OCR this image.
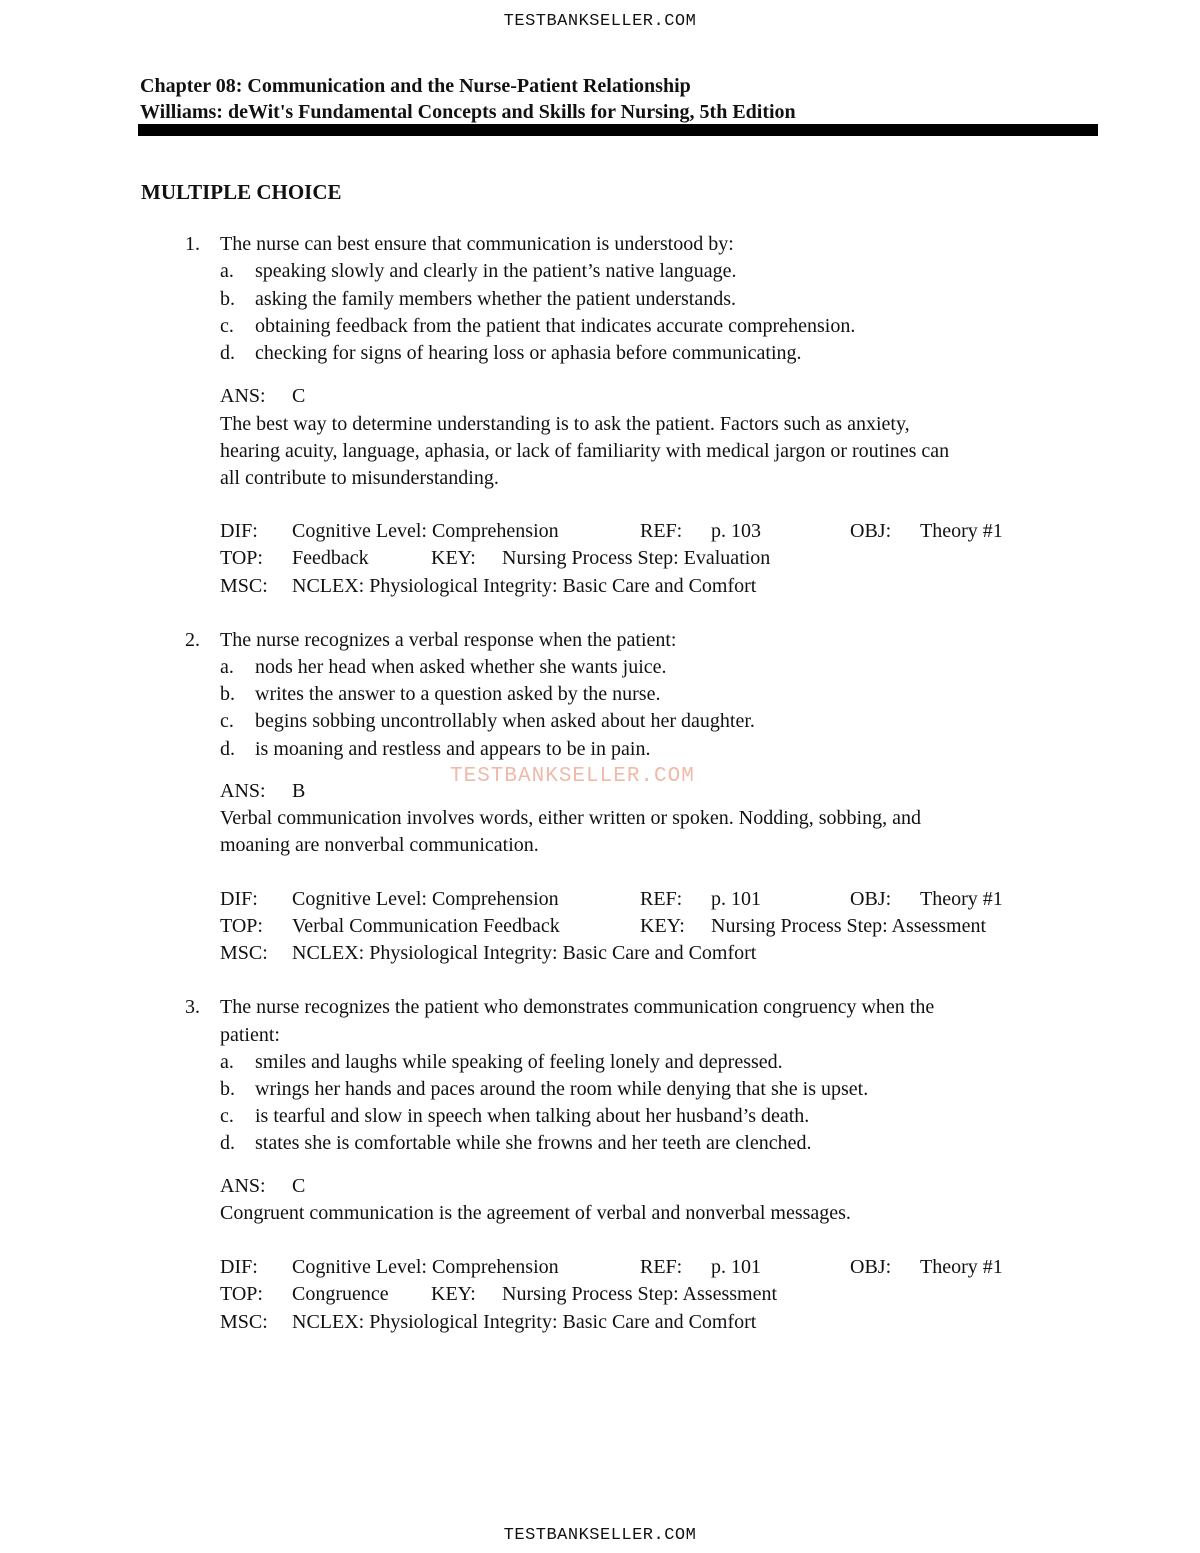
TESTBANKSELLER.COM
Chapter 08: Communication and the Nurse-Patient Relationship
Williams: deWit's Fundamental Concepts and Skills for Nursing, 5th Edition
MULTIPLE CHOICE
1. The nurse can best ensure that communication is understood by:
a. speaking slowly and clearly in the patient’s native language.
b. asking the family members whether the patient understands.
c. obtaining feedback from the patient that indicates accurate comprehension.
d. checking for signs of hearing loss or aphasia before communicating.
ANS: C
The best way to determine understanding is to ask the patient. Factors such as anxiety,
hearing acuity, language, aphasia, or lack of familiarity with medical jargon or routines can
all contribute to misunderstanding.
DIF: Cognitive Level: Comprehension	REF: p. 103	OBJ: Theory #1
TOP: Feedback	KEY: Nursing Process Step: Evaluation
MSC: NCLEX: Physiological Integrity: Basic Care and Comfort
2. The nurse recognizes a verbal response when the patient:
a. nods her head when asked whether she wants juice.
b. writes the answer to a question asked by the nurse.
c. begins sobbing uncontrollably when asked about her daughter.
d. is moaning and restless and appears to be in pain.
ANS: B
Verbal communication involves words, either written or spoken. Nodding, sobbing, and
moaning are nonverbal communication.
DIF: Cognitive Level: Comprehension	REF: p. 101	OBJ: Theory #1
TOP: Verbal Communication Feedback	KEY: Nursing Process Step: Assessment
MSC: NCLEX: Physiological Integrity: Basic Care and Comfort
3. The nurse recognizes the patient who demonstrates communication congruency when the
patient:
a. smiles and laughs while speaking of feeling lonely and depressed.
b. wrings her hands and paces around the room while denying that she is upset.
c. is tearful and slow in speech when talking about her husband’s death.
d. states she is comfortable while she frowns and her teeth are clenched.
ANS: C
Congruent communication is the agreement of verbal and nonverbal messages.
DIF: Cognitive Level: Comprehension	REF: p. 101	OBJ: Theory #1
TOP: Congruence KEY: Nursing Process Step: Assessment
MSC: NCLEX: Physiological Integrity: Basic Care and Comfort
TESTBANKSELLER.COM
TESTBANKSELLER.COM
